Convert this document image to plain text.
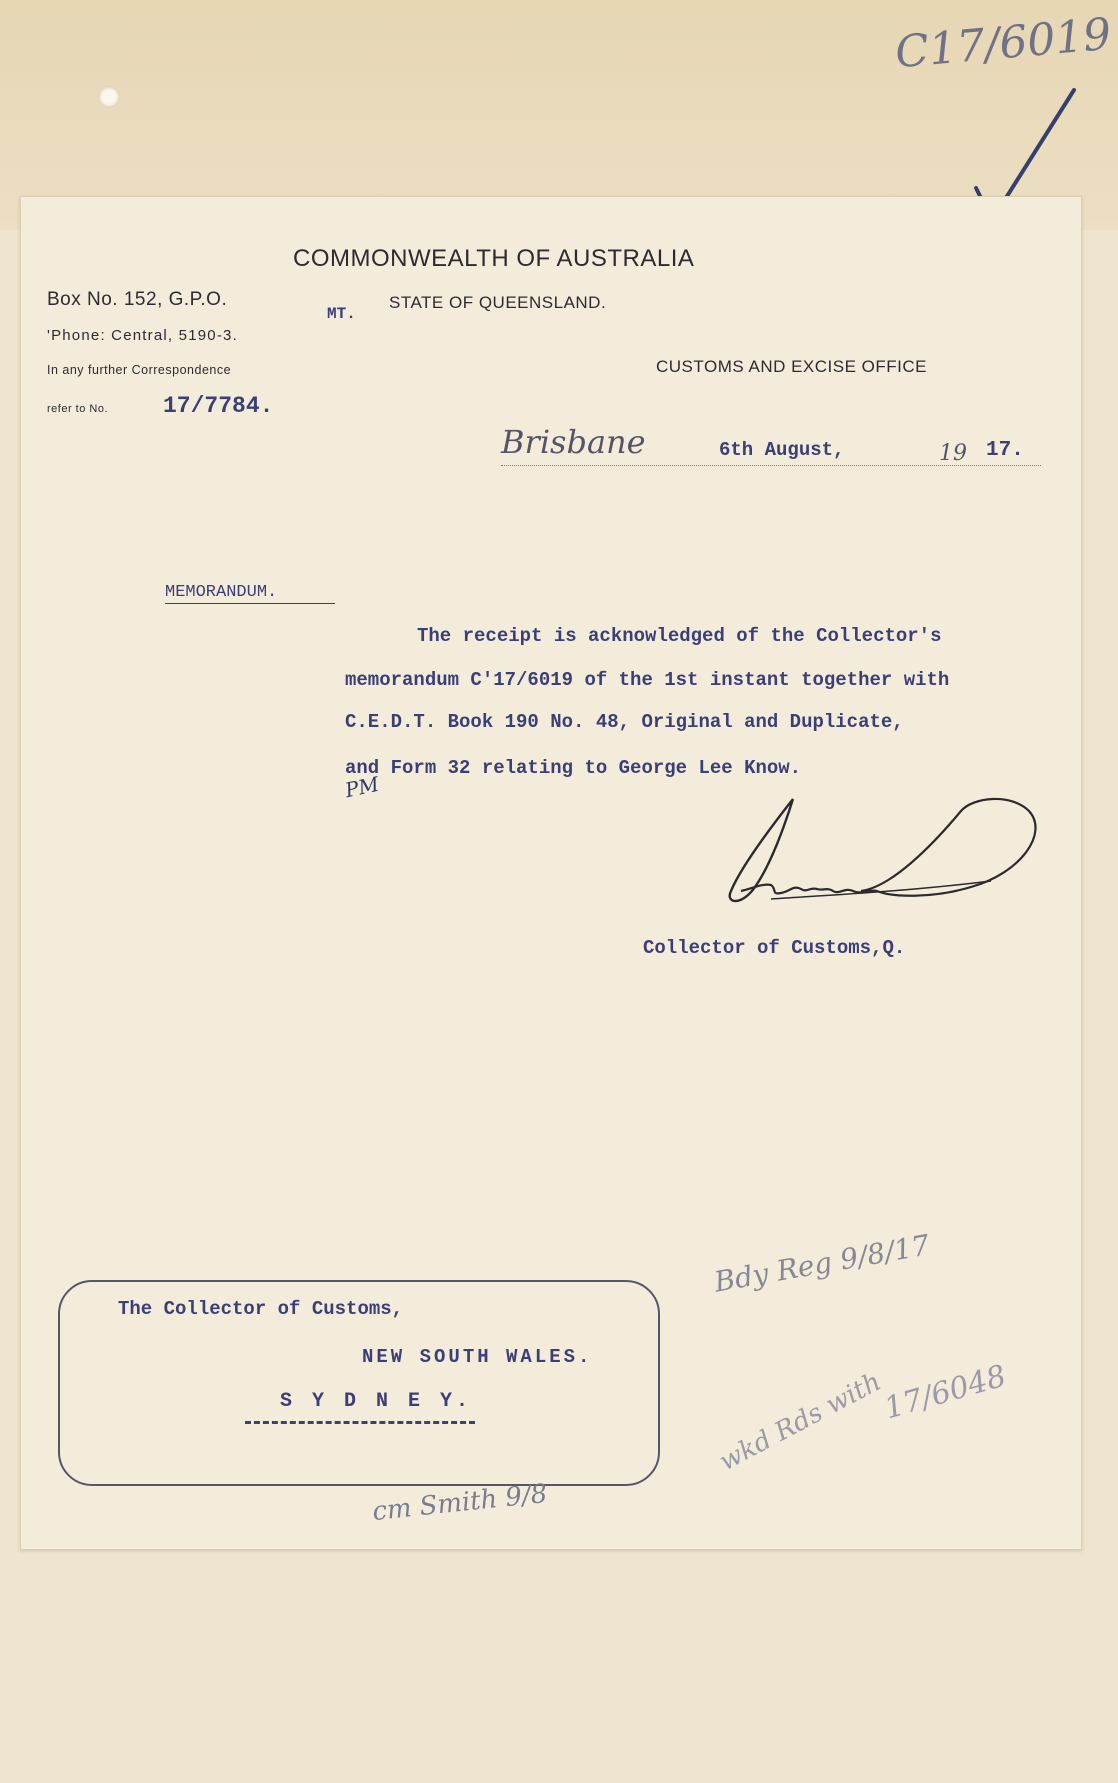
C17/6019
COMMONWEALTH OF AUSTRALIA
Box No. 152, G.P.O.
'Phone: Central, 5190-3.
In any further Correspondence
refer to No. 17/7784.
MT.
STATE OF QUEENSLAND.
CUSTOMS AND EXCISE OFFICE
Brisbane	6th August,	19 17.
MEMORANDUM.
The receipt is acknowledged of the Collector's
memorandum C'17/6019 of the 1st instant together with
C.E.D.T. Book 190 No. 48, Original and Duplicate,
and Form 32 relating to George Lee Know.
PM
Collector of Customs,Q.
Bdy Reg 9/8/17
wkd Rds with
17/6048
The Collector of Customs,
NEW SOUTH WALES.
S Y D N E Y.
cm Smith 9/8
